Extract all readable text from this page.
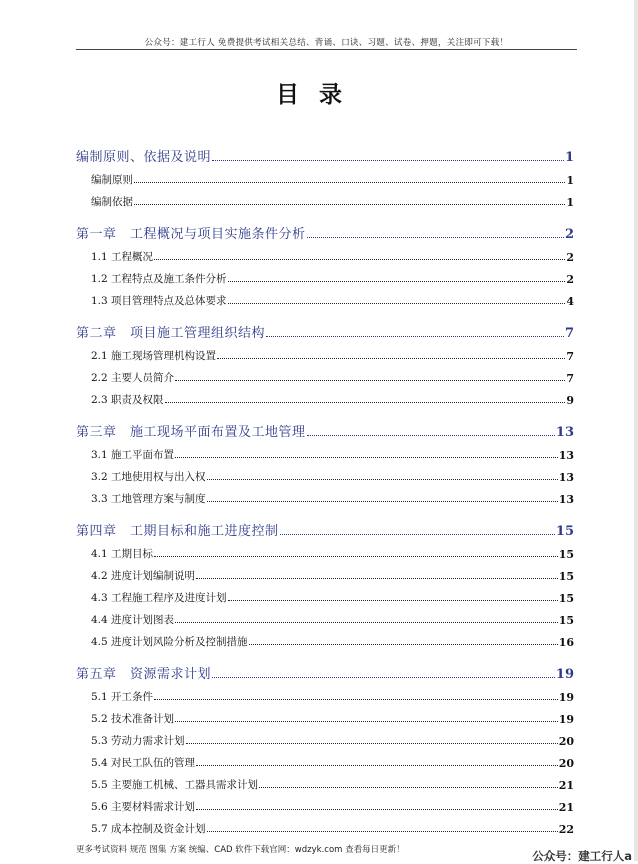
公众号：建工行人 免费提供考试相关总结、背诵、口诀、习题、试卷、押题，关注即可下载！
目录
编制原则、依据及说明	1
编制原则	1
编制依据	1
第一章　工程概况与项目实施条件分析	2
1.1 工程概况	2
1.2 工程特点及施工条件分析	2
1.3 项目管理特点及总体要求	4
第二章　项目施工管理组织结构	7
2.1 施工现场管理机构设置	7
2.2 主要人员简介	7
2.3 职责及权限	9
第三章　施工现场平面布置及工地管理	13
3.1 施工平面布置	13
3.2 工地使用权与出入权	13
3.3 工地管理方案与制度	13
第四章　工期目标和施工进度控制	15
4.1 工期目标	15
4.2 进度计划编制说明	15
4.3 工程施工程序及进度计划	15
4.4 进度计划图表	15
4.5 进度计划风险分析及控制措施	16
第五章　资源需求计划	19
5.1 开工条件	19
5.2 技术准备计划	19
5.3 劳动力需求计划	20
5.4 对民工队伍的管理	20
5.5 主要施工机械、工器具需求计划	21
5.6 主要材料需求计划	21
5.7 成本控制及资金计划	22
更多考试资料 规范 图集 方案 统编、CAD 软件下载官网：wdzyk.com 查看每日更新！	公众号：建工行人a
